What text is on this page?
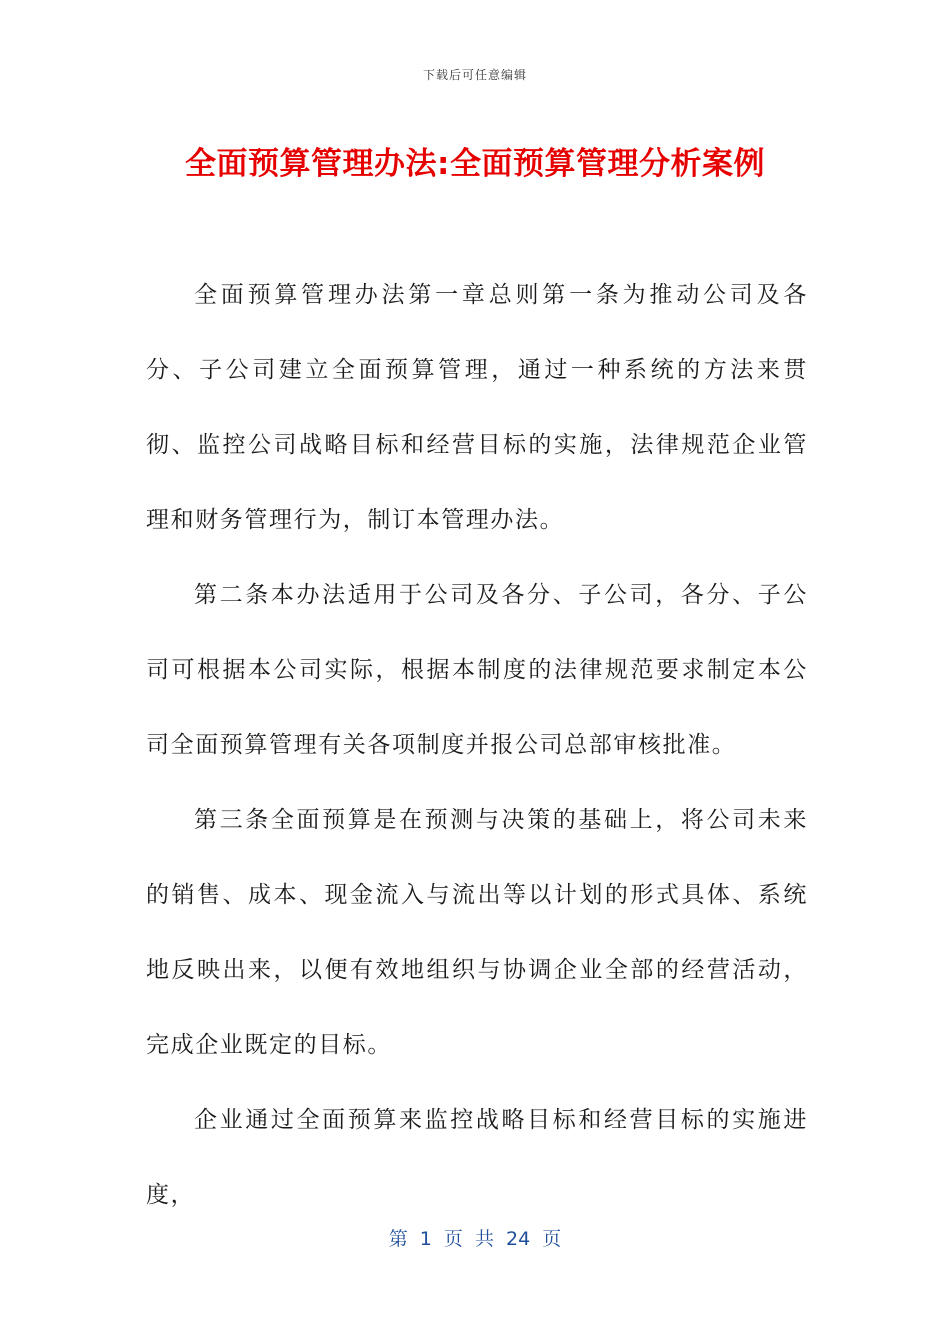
下载后可任意编辑
全面预算管理办法:全面预算管理分析案例

全面预算管理办法第一章总则第一条为推动公司及各分、子公司建立全面预算管理，通过一种系统的方法来贯彻、监控公司战略目标和经营目标的实施，法律规范企业管理和财务管理行为，制订本管理办法。

第二条本办法适用于公司及各分、子公司，各分、子公司可根据本公司实际，根据本制度的法律规范要求制定本公司全面预算管理有关各项制度并报公司总部审核批准。

第三条全面预算是在预测与决策的基础上，将公司未来的销售、成本、现金流入与流出等以计划的形式具体、系统地反映出来，以便有效地组织与协调企业全部的经营活动，完成企业既定的目标。

企业通过全面预算来监控战略目标和经营目标的实施进度，

第 1 页 共 24 页
